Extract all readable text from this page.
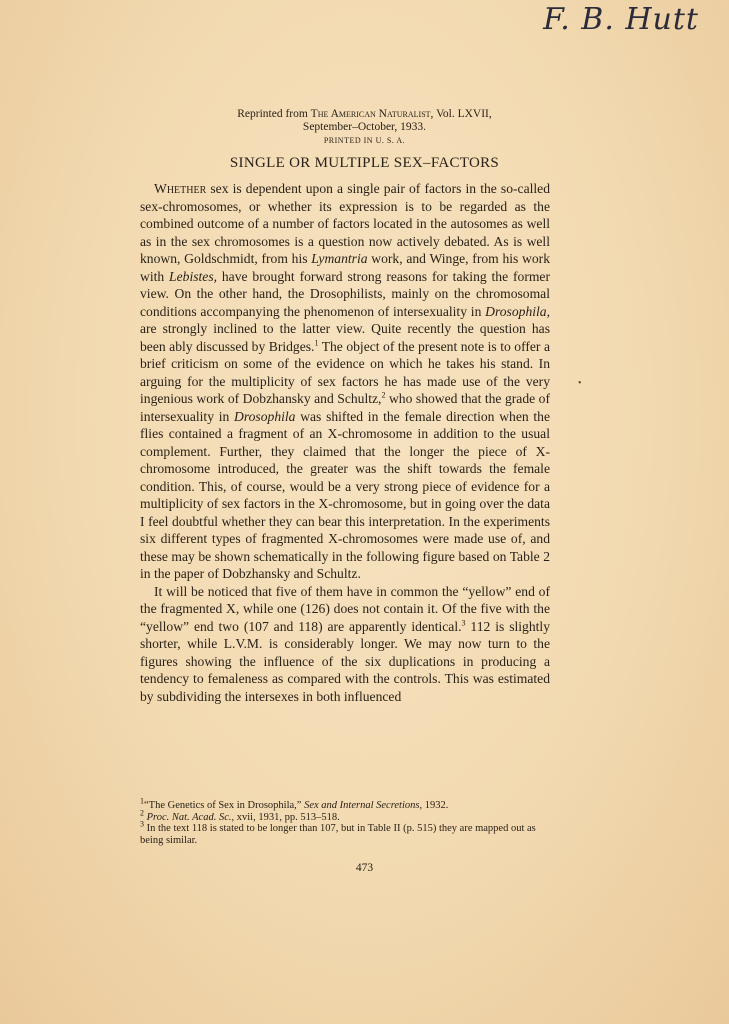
F. B. Hutt
Reprinted from The American Naturalist, Vol. LXVII,
September–October, 1933.
PRINTED IN U. S. A.
SINGLE OR MULTIPLE SEX–FACTORS

Whether sex is dependent upon a single pair of factors in the so-called sex-chromosomes, or whether its expression is to be regarded as the combined outcome of a number of factors located in the autosomes as well as in the sex chromosomes is a question now actively debated. As is well known, Goldschmidt, from his Lymantria work, and Winge, from his work with Lebistes, have brought forward strong reasons for taking the former view. On the other hand, the Drosophilists, mainly on the chromosomal conditions accompanying the phenomenon of intersexuality in Drosophila, are strongly inclined to the latter view. Quite recently the question has been ably discussed by Bridges.$^1$ The object of the present note is to offer a brief criticism on some of the evidence on which he takes his stand. In arguing for the multiplicity of sex factors he has made use of the very ingenious work of Dobzhansky and Schultz,$^2$ who showed that the grade of intersexuality in Drosophila was shifted in the female direction when the flies contained a fragment of an X-chromosome in addition to the usual complement. Further, they claimed that the longer the piece of X-chromosome introduced, the greater was the shift towards the female condition. This, of course, would be a very strong piece of evidence for a multiplicity of sex factors in the X-chromosome, but in going over the data I feel doubtful whether they can bear this interpretation. In the experiments six different types of fragmented X-chromosomes were made use of, and these may be shown schematically in the following figure based on Table 2 in the paper of Dobzhansky and Schultz.

It will be noticed that five of them have in common the “yellow” end of the fragmented X, while one (126) does not contain it. Of the five with the “yellow” end two (107 and 118) are apparently identical.$^3$ 112 is slightly shorter, while L.V.M. is considerably longer. We may now turn to the figures showing the influence of the six duplications in producing a tendency to femaleness as compared with the controls. This was estimated by subdividing the intersexes in both influenced

$^1$“The Genetics of Sex in Drosophila,” Sex and Internal Secretions, 1932.
$^2$ Proc. Nat. Acad. Sc., xvii, 1931, pp. 513–518.
$^3$ In the text 118 is stated to be longer than 107, but in Table II (p. 515) they are mapped out as being similar.
473
•
